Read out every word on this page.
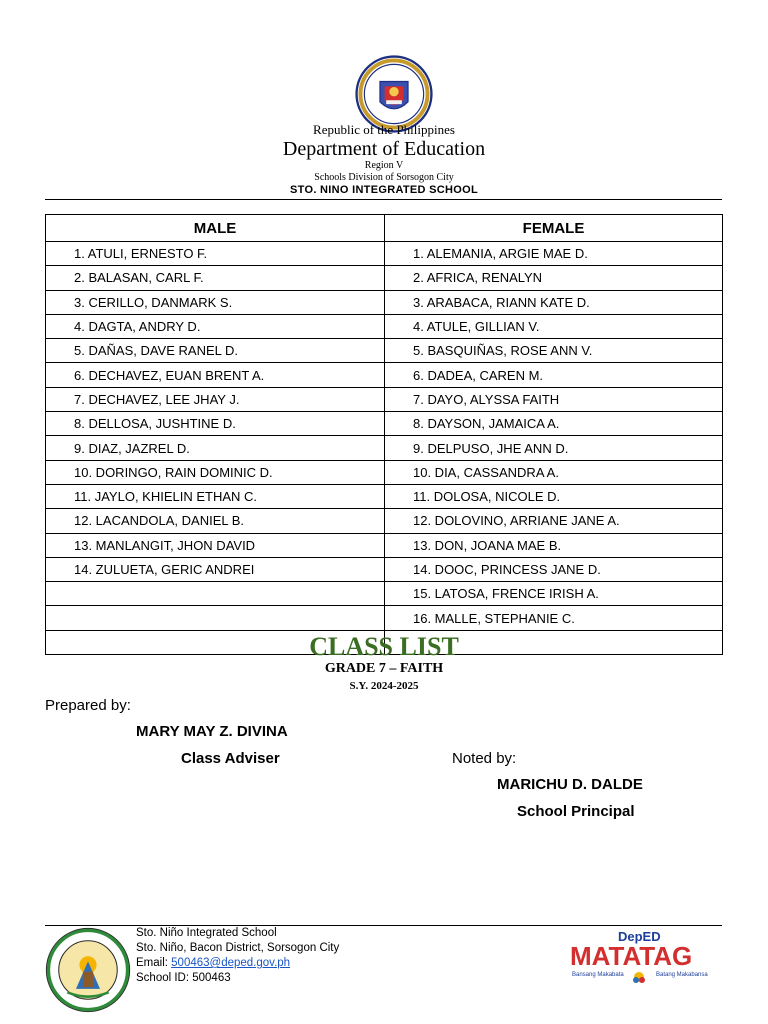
Republic of the Philippines
Department of Education
Region V
Schools Division of Sorsogon City
STO. NINO INTEGRATED SCHOOL
MALE	FEMALE
1. ATULI, ERNESTO F.	1. ALEMANIA, ARGIE MAE D.
2. BALASAN, CARL F.	2. AFRICA, RENALYN
3. CERILLO, DANMARK S.	3. ARABACA, RIANN KATE D.
4. DAGTA, ANDRY D.	4. ATULE, GILLIAN V.
5. DAÑAS, DAVE RANEL D.	5. BASQUIÑAS, ROSE ANN V.
6. DECHAVEZ, EUAN BRENT A.	6. DADEA, CAREN M.
7. DECHAVEZ, LEE JHAY J.	7. DAYO, ALYSSA FAITH
8. DELLOSA, JUSHTINE D.	8. DAYSON, JAMAICA A.
9. DIAZ, JAZREL D.	9. DELPUSO, JHE ANN D.
10. DORINGO, RAIN DOMINIC D.	10. DIA, CASSANDRA A.
11. JAYLO, KHIELIN ETHAN C.	11. DOLOSA, NICOLE D.
12. LACANDOLA, DANIEL B.	12. DOLOVINO, ARRIANE JANE A.
13. MANLANGIT, JHON DAVID	13. DON, JOANA MAE B.
14. ZULUETA, GERIC ANDREI	14. DOOC, PRINCESS JANE D.
	15. LATOSA, FRENCE IRISH A.
	16. MALLE, STEPHANIE C.

CLASS LIST
GRADE 7 – FAITH
S.Y. 2024-2025
Prepared by:
MARY MAY Z. DIVINA
Class Adviser	Noted by:
MARICHU D. DALDE
School Principal
Sto. Niño Integrated School
Sto. Niño, Bacon District, Sorsogon City
Email: 500463@deped.gov.ph
School ID: 500463
DepED
MATATAG
Bansang Makabata	Batang Makabansa
